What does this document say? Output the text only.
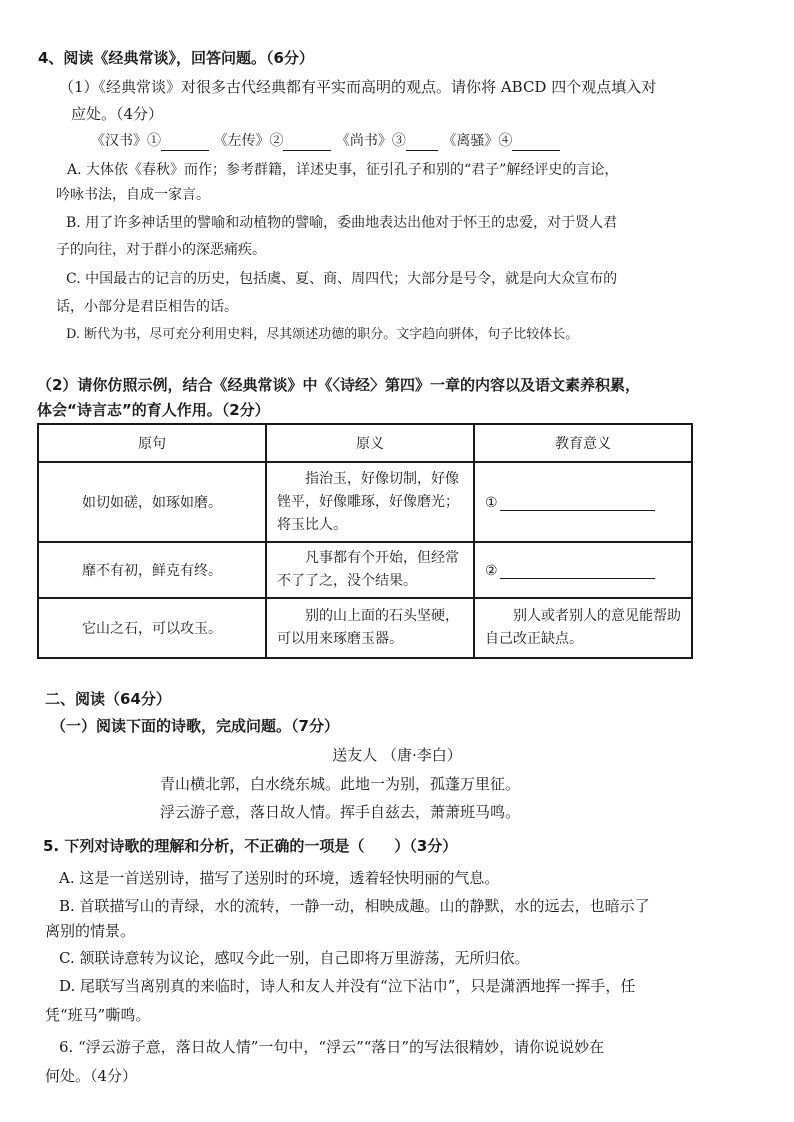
4、阅读《经典常谈》，回答问题。（6分）
（1）《经典常谈》对很多古代经典都有平实而高明的观点。请你将 ABCD 四个观点填入对
应处。（4分）
《汉书》①	《左传》②	《尚书》③	《离骚》④
A. 大体依《春秋》而作；参考群籍，详述史事，征引孔子和别的“君子”解经评史的言论，
吟咏书法，自成一家言。
B. 用了许多神话里的譬喻和动植物的譬喻，委曲地表达出他对于怀王的忠爱，对于贤人君
子的向往，对于群小的深恶痛疾。
C. 中国最古的记言的历史，包括虞、夏、商、周四代；大部分是号令，就是向大众宣布的
话，小部分是君臣相告的话。
D. 断代为书，尽可充分利用史料，尽其颂述功德的职分。文字趋向骈体，句子比较体长。
（2）请你仿照示例，结合《经典常谈》中《〈诗经〉第四》一章的内容以及语文素养积累，
体会“诗言志”的育人作用。（2分）
原句	原义	教育意义
如切如磋，如琢如磨。	指治玉，好像切制，好像锉平，好像雕琢，好像磨光；将玉比人。	①
靡不有初，鲜克有终。	凡事都有个开始，但经常不了了之，没个结果。	②
它山之石，可以攻玉。	别的山上面的石头坚硬，可以用来琢磨玉器。	别人或者别人的意见能帮助自己改正缺点。
二、阅读（64分）
（一）阅读下面的诗歌，完成问题。（7分）
送友人 （唐·李白）
青山横北郭，白水绕东城。此地一为别，孤蓬万里征。
浮云游子意，落日故人情。挥手自兹去，萧萧班马鸣。
5. 下列对诗歌的理解和分析，不正确的一项是（　　）（3分）
A. 这是一首送别诗，描写了送别时的环境，透着轻快明丽的气息。
B. 首联描写山的青绿，水的流转，一静一动，相映成趣。山的静默，水的远去，也暗示了
离别的情景。
C. 颔联诗意转为议论，感叹今此一别，自己即将万里游荡，无所归依。
D. 尾联写当离别真的来临时，诗人和友人并没有“泣下沾巾”，只是潇洒地挥一挥手，任
凭“班马”嘶鸣。
6. “浮云游子意，落日故人情”一句中，“浮云”“落日”的写法很精妙，请你说说妙在
何处。（4分）
